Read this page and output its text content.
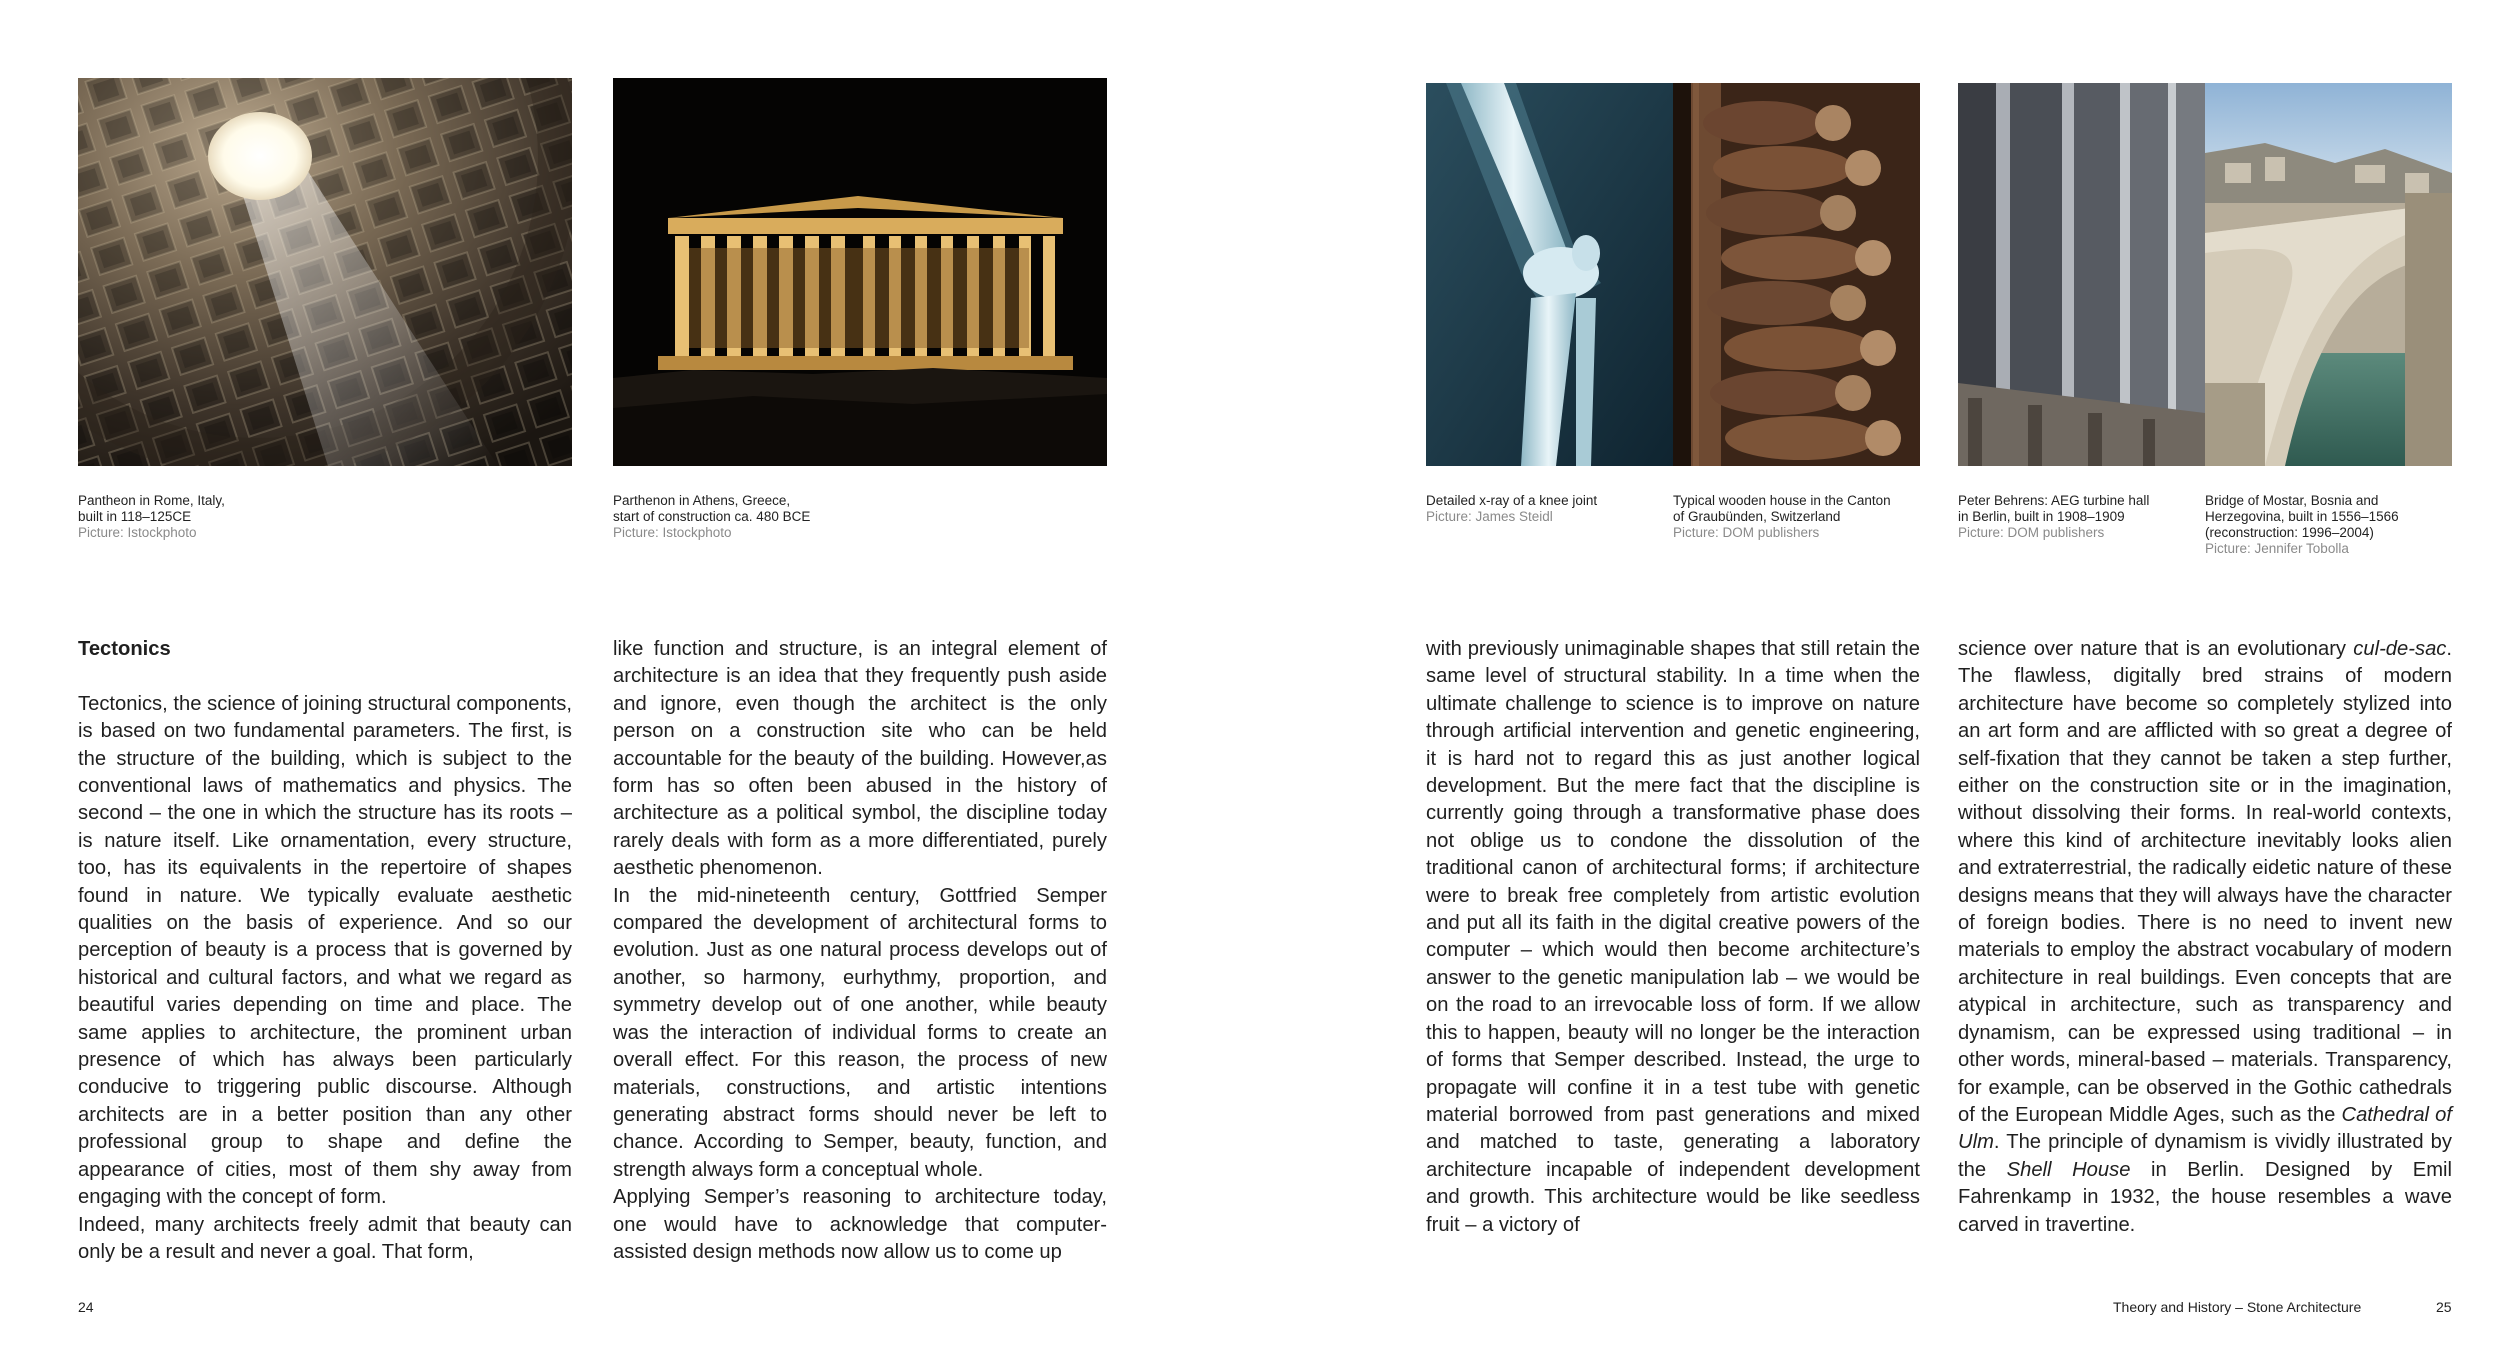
Pantheon in Rome, Italy,
built in 118–125CE
Picture: Istockphoto
Parthenon in Athens, Greece,
start of construction ca. 480 BCE
Picture: Istockphoto
Detailed x-ray of a knee joint
Picture: James Steidl
Typical wooden house in the Canton
of Graubünden, Switzerland
Picture: DOM publishers
Peter Behrens: AEG turbine hall
in Berlin, built in 1908–1909
Picture: DOM publishers
Bridge of Mostar, Bosnia and
Herzegovina, built in 1556–1566
(reconstruction: 1996–2004)
Picture: Jennifer Tobolla

Tectonics

Tectonics, the science of joining structural components, is based on two fundamental parameters. The first, is the structure of the building, which is subject to the conventional laws of mathematics and physics. The second – the one in which the structure has its roots – is nature itself. Like ornamentation, every structure, too, has its equivalents in the repertoire of shapes found in nature. We typically evaluate aesthetic qualities on the basis of experience. And so our perception of beauty is a process that is governed by historical and cultural factors, and what we regard as beautiful varies depending on time and place. The same applies to architecture, the prominent urban presence of which has always been particularly conducive to triggering public discourse. Although architects are in a better position than any other professional group to shape and define the appearance of cities, most of them shy away from engaging with the concept of form.

Indeed, many architects freely admit that beauty can only be a result and never a goal. That form,

like function and structure, is an integral element of architecture is an idea that they frequently push aside and ignore, even though the architect is the only person on a construction site who can be held accountable for the beauty of the building. However,as form has so often been abused in the history of architecture as a political symbol, the discipline today rarely deals with form as a more differentiated, purely aesthetic phenomenon.

In the mid-nineteenth century, Gottfried Semper compared the development of architectural forms to evolution. Just as one natural process develops out of another, so harmony, eurhythmy, proportion, and symmetry develop out of one another, while beauty was the interaction of individual forms to create an overall effect. For this reason, the process of new materials, constructions, and artistic intentions generating abstract forms should never be left to chance. According to Semper, beauty, function, and strength always form a conceptual whole.

Applying Semper’s reasoning to architecture today, one would have to acknowledge that computer-assisted design methods now allow us to come up

with previously unimaginable shapes that still retain the same level of structural stability. In a time when the ultimate challenge to science is to improve on nature through artificial intervention and genetic engineering, it is hard not to regard this as just another logical development. But the mere fact that the discipline is currently going through a transformative phase does not oblige us to condone the dissolution of the traditional canon of architectural forms; if architecture were to break free completely from artistic evolution and put all its faith in the digital creative powers of the computer – which would then become architecture’s answer to the genetic manipulation lab – we would be on the road to an irrevocable loss of form. If we allow this to happen, beauty will no longer be the interaction of forms that Semper described. Instead, the urge to propagate will confine it in a test tube with genetic material borrowed from past generations and mixed and matched to taste, generating a laboratory architecture incapable of independent development and growth. This architecture would be like seedless fruit – a victory of

science over nature that is an evolutionary cul-de-sac. The flawless, digitally bred strains of modern architecture have become so completely stylized into an art form and are afflicted with so great a degree of self-fixation that they cannot be taken a step further, either on the construction site or in the imagination, without dissolving their forms. In real-world contexts, where this kind of architecture inevitably looks alien and extraterrestrial, the radically eidetic nature of these designs means that they will always have the character of foreign bodies. There is no need to invent new materials to employ the abstract vocabulary of modern architecture in real buildings. Even concepts that are atypical in architecture, such as transparency and dynamism, can be expressed using traditional – in other words, mineral-based – materials. Transparency, for example, can be observed in the Gothic cathedrals of the European Middle Ages, such as the Cathedral of Ulm. The principle of dynamism is vividly illustrated by the Shell House in Berlin. Designed by Emil Fahrenkamp in 1932, the house resembles a wave carved in travertine.

24	Theory and History – Stone Architecture	25
